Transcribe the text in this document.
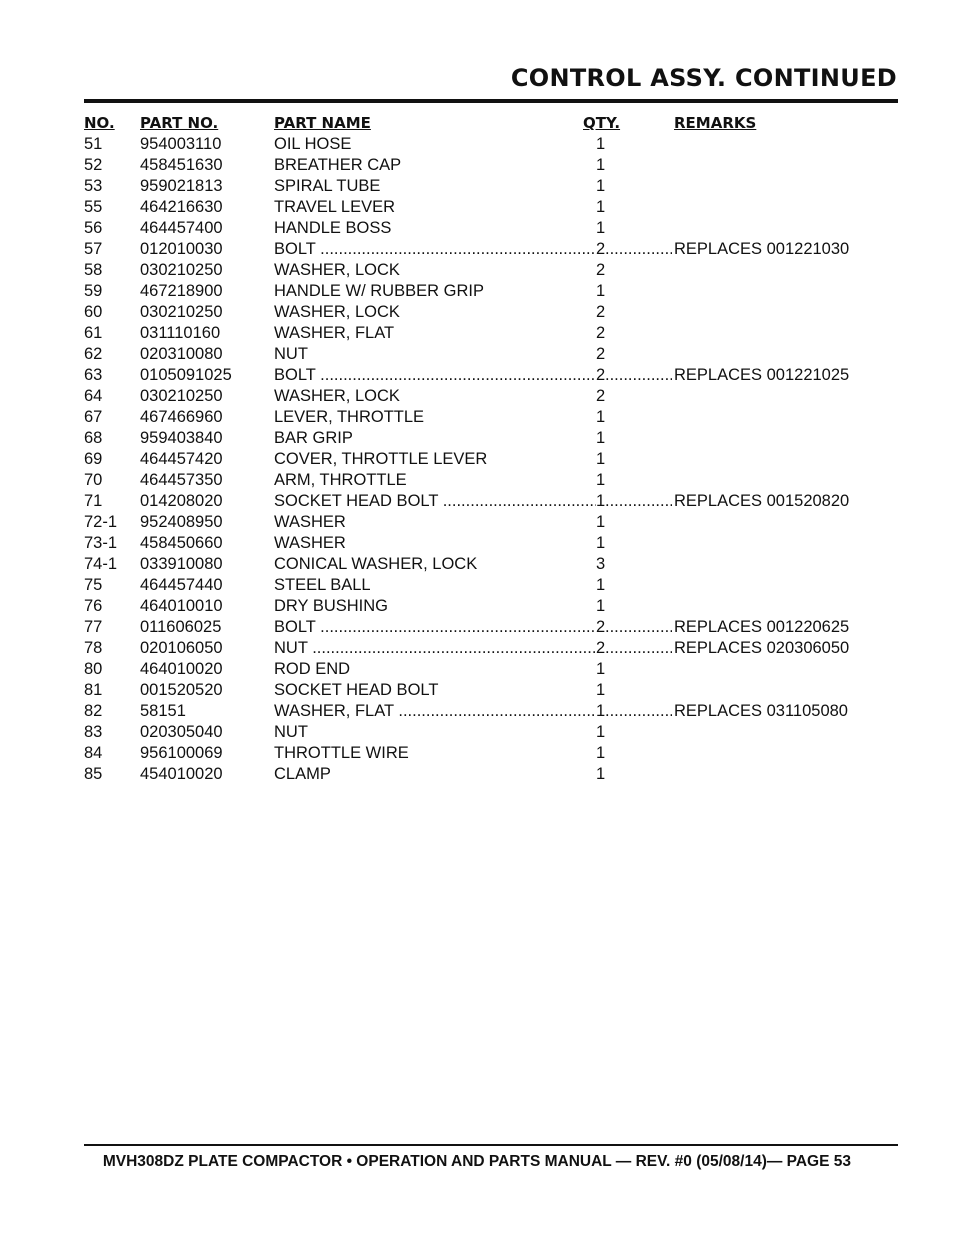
CONTROL ASSY. CONTINUED
NO. PART NO.	PART NAME	QTY.	REMARKS
51 954003110	OIL HOSE	1
52 458451630	BREATHER CAP	1
53 959021813	SPIRAL TUBE	1
55 464216630	TRAVEL LEVER	1
56 464457400	HANDLE BOSS	1
.....
57 012010030	BOLT .....	2	REPLACES 001221030
58 030210250	WASHER, LOCK	2
59 467218900	HANDLE W/ RUBBER GRIP	1
60 030210250	WASHER, LOCK	2
61 031110160	WASHER, FLAT	2
62 020310080	NUT	2
.....
63 0105091025	BOLT .....	2	REPLACES 001221025
64 030210250	WASHER, LOCK	2
67 467466960	LEVER, THROTTLE	1
68 959403840	BAR GRIP	1
69 464457420	COVER, THROTTLE LEVER	1
70 464457350	ARM, THROTTLE	1
.....
71 014208020	SOCKET HEAD BOLT .....	1	REPLACES 001520820
72-1 952408950	WASHER	1
73-1 458450660	WASHER	1
74-1 033910080	CONICAL WASHER, LOCK	3
75 464457440	STEEL BALL	1
76 464010010	DRY BUSHING	1
.....
77 011606025	BOLT .....	2	REPLACES 001220625
.....
78 020106050	NUT .....	2	REPLACES 020306050
80 464010020	ROD END	1
81 001520520	SOCKET HEAD BOLT	1
.....
82 58151	WASHER, FLAT .....	1	REPLACES 031105080
83 020305040	NUT	1
84 956100069	THROTTLE WIRE	1
85 454010020	CLAMP	1

MVH308DZ PLATE COMPACTOR • OPERATION AND PARTS MANUAL — REV. #0 (05/08/14)— PAGE 53
